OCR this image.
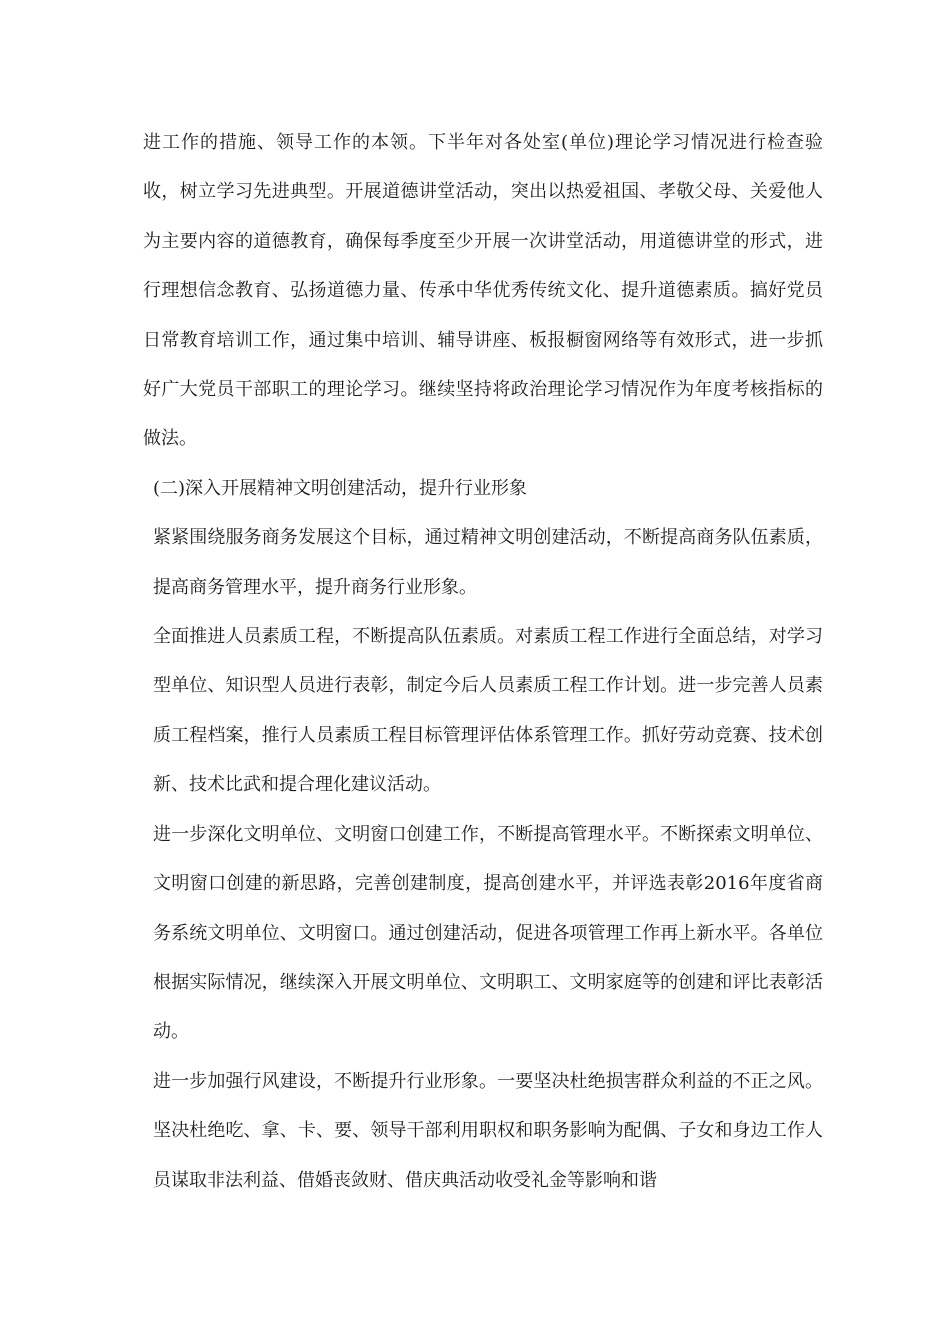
进工作的措施、领导工作的本领。下半年对各处室(单位)理论学习情况进行检查验收，树立学习先进典型。开展道德讲堂活动，突出以热爱祖国、孝敬父母、关爱他人为主要内容的道德教育，确保每季度至少开展一次讲堂活动，用道德讲堂的形式，进行理想信念教育、弘扬道德力量、传承中华优秀传统文化、提升道德素质。搞好党员日常教育培训工作，通过集中培训、辅导讲座、板报橱窗网络等有效形式，进一步抓好广大党员干部职工的理论学习。继续坚持将政治理论学习情况作为年度考核指标的做法。

(二)深入开展精神文明创建活动，提升行业形象

紧紧围绕服务商务发展这个目标，通过精神文明创建活动，不断提高商务队伍素质，提高商务管理水平，提升商务行业形象。

全面推进人员素质工程，不断提高队伍素质。对素质工程工作进行全面总结，对学习型单位、知识型人员进行表彰，制定今后人员素质工程工作计划。进一步完善人员素质工程档案，推行人员素质工程目标管理评估体系管理工作。抓好劳动竞赛、技术创新、技术比武和提合理化建议活动。

进一步深化文明单位、文明窗口创建工作，不断提高管理水平。不断探索文明单位、文明窗口创建的新思路，完善创建制度，提高创建水平，并评选表彰2016年度省商务系统文明单位、文明窗口。通过创建活动，促进各项管理工作再上新水平。各单位根据实际情况，继续深入开展文明单位、文明职工、文明家庭等的创建和评比表彰活动。

进一步加强行风建设，不断提升行业形象。一要坚决杜绝损害群众利益的不正之风。坚决杜绝吃、拿、卡、要、领导干部利用职权和职务影响为配偶、子女和身边工作人员谋取非法利益、借婚丧敛财、借庆典活动收受礼金等影响和谐
